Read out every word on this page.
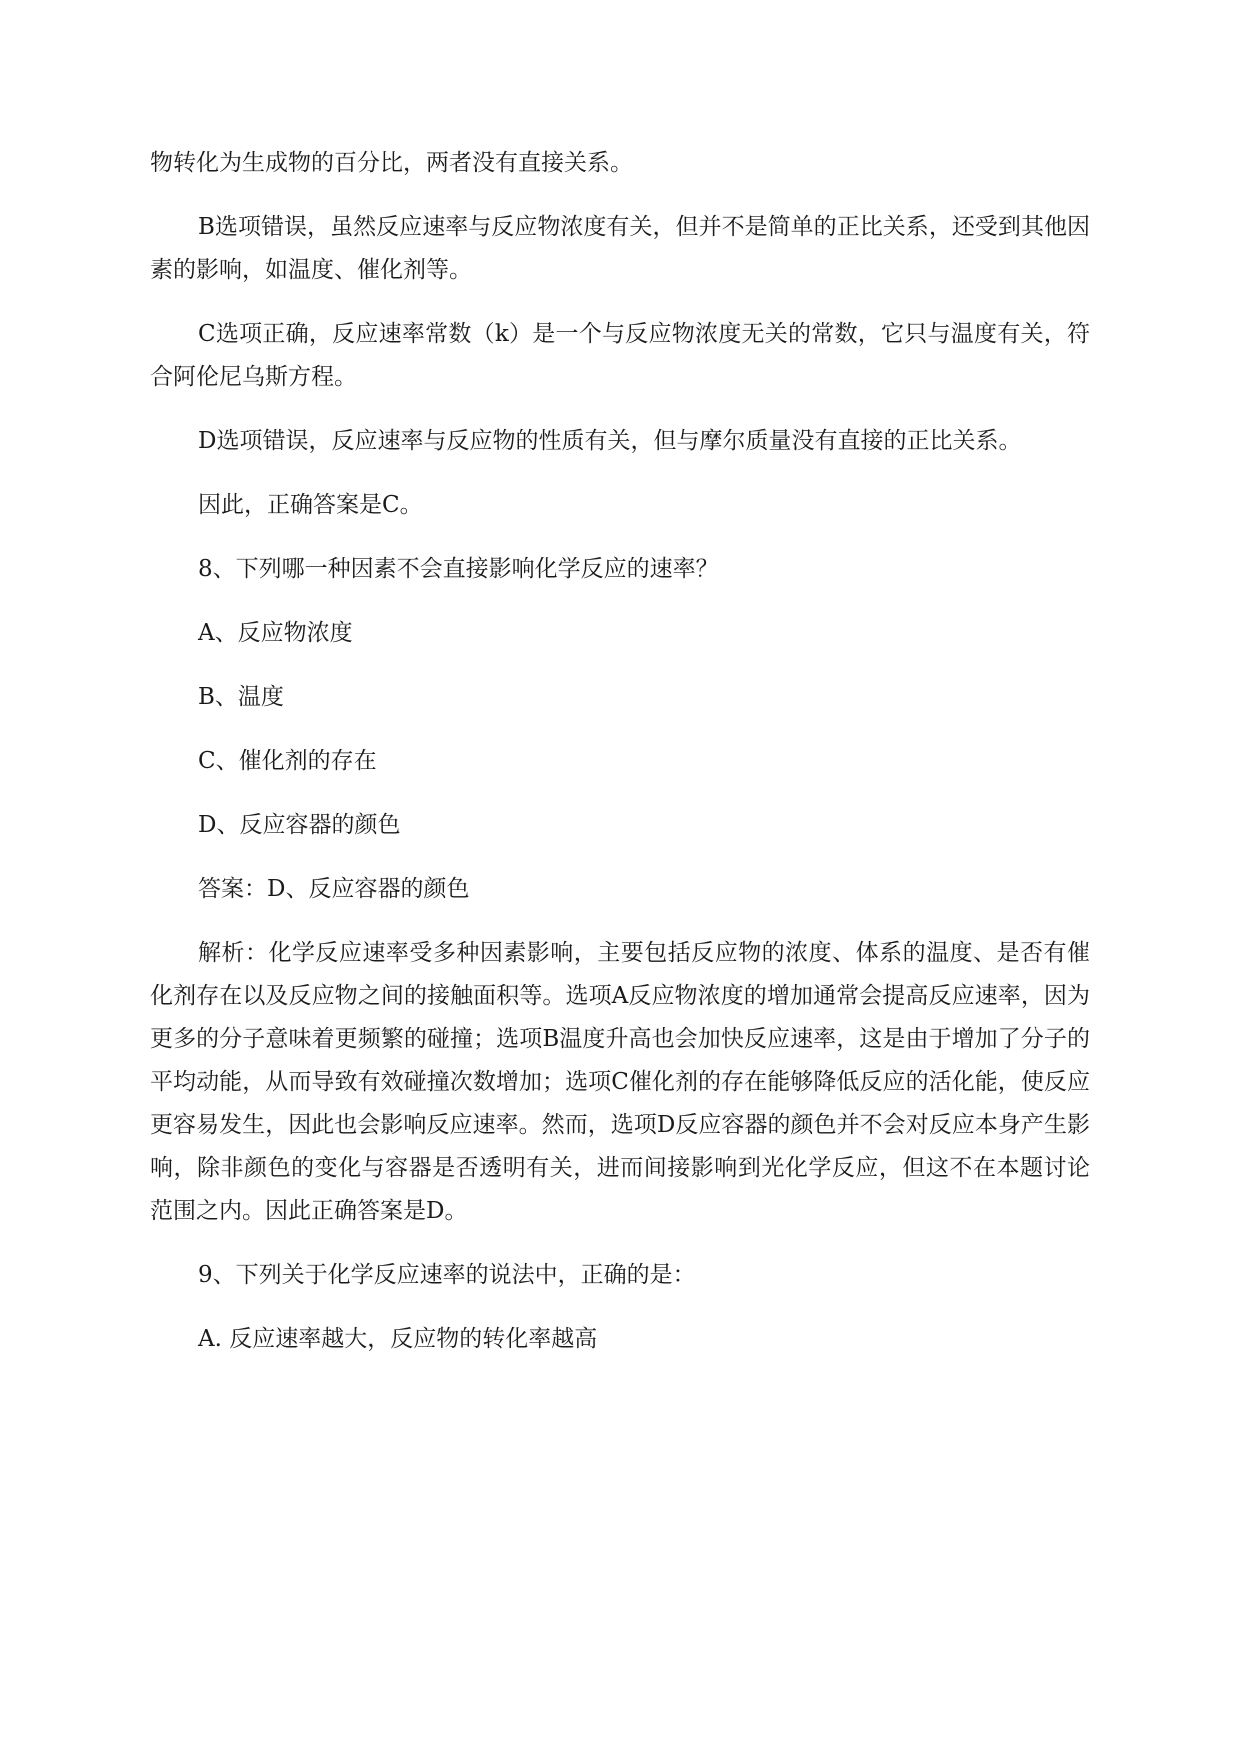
物转化为生成物的百分比，两者没有直接关系。

B选项错误，虽然反应速率与反应物浓度有关，但并不是简单的正比关系，还受到其他因素的影响，如温度、催化剂等。

C选项正确，反应速率常数（k）是一个与反应物浓度无关的常数，它只与温度有关，符合阿伦尼乌斯方程。

D选项错误，反应速率与反应物的性质有关，但与摩尔质量没有直接的正比关系。

因此，正确答案是C。

8、下列哪一种因素不会直接影响化学反应的速率？

A、反应物浓度

B、温度

C、催化剂的存在

D、反应容器的颜色

答案：D、反应容器的颜色

解析：化学反应速率受多种因素影响，主要包括反应物的浓度、体系的温度、是否有催化剂存在以及反应物之间的接触面积等。选项A反应物浓度的增加通常会提高反应速率，因为更多的分子意味着更频繁的碰撞；选项B温度升高也会加快反应速率，这是由于增加了分子的平均动能，从而导致有效碰撞次数增加；选项C催化剂的存在能够降低反应的活化能，使反应更容易发生，因此也会影响反应速率。然而，选项D反应容器的颜色并不会对反应本身产生影响，除非颜色的变化与容器是否透明有关，进而间接影响到光化学反应，但这不在本题讨论范围之内。因此正确答案是D。

9、下列关于化学反应速率的说法中，正确的是：

A. 反应速率越大，反应物的转化率越高
